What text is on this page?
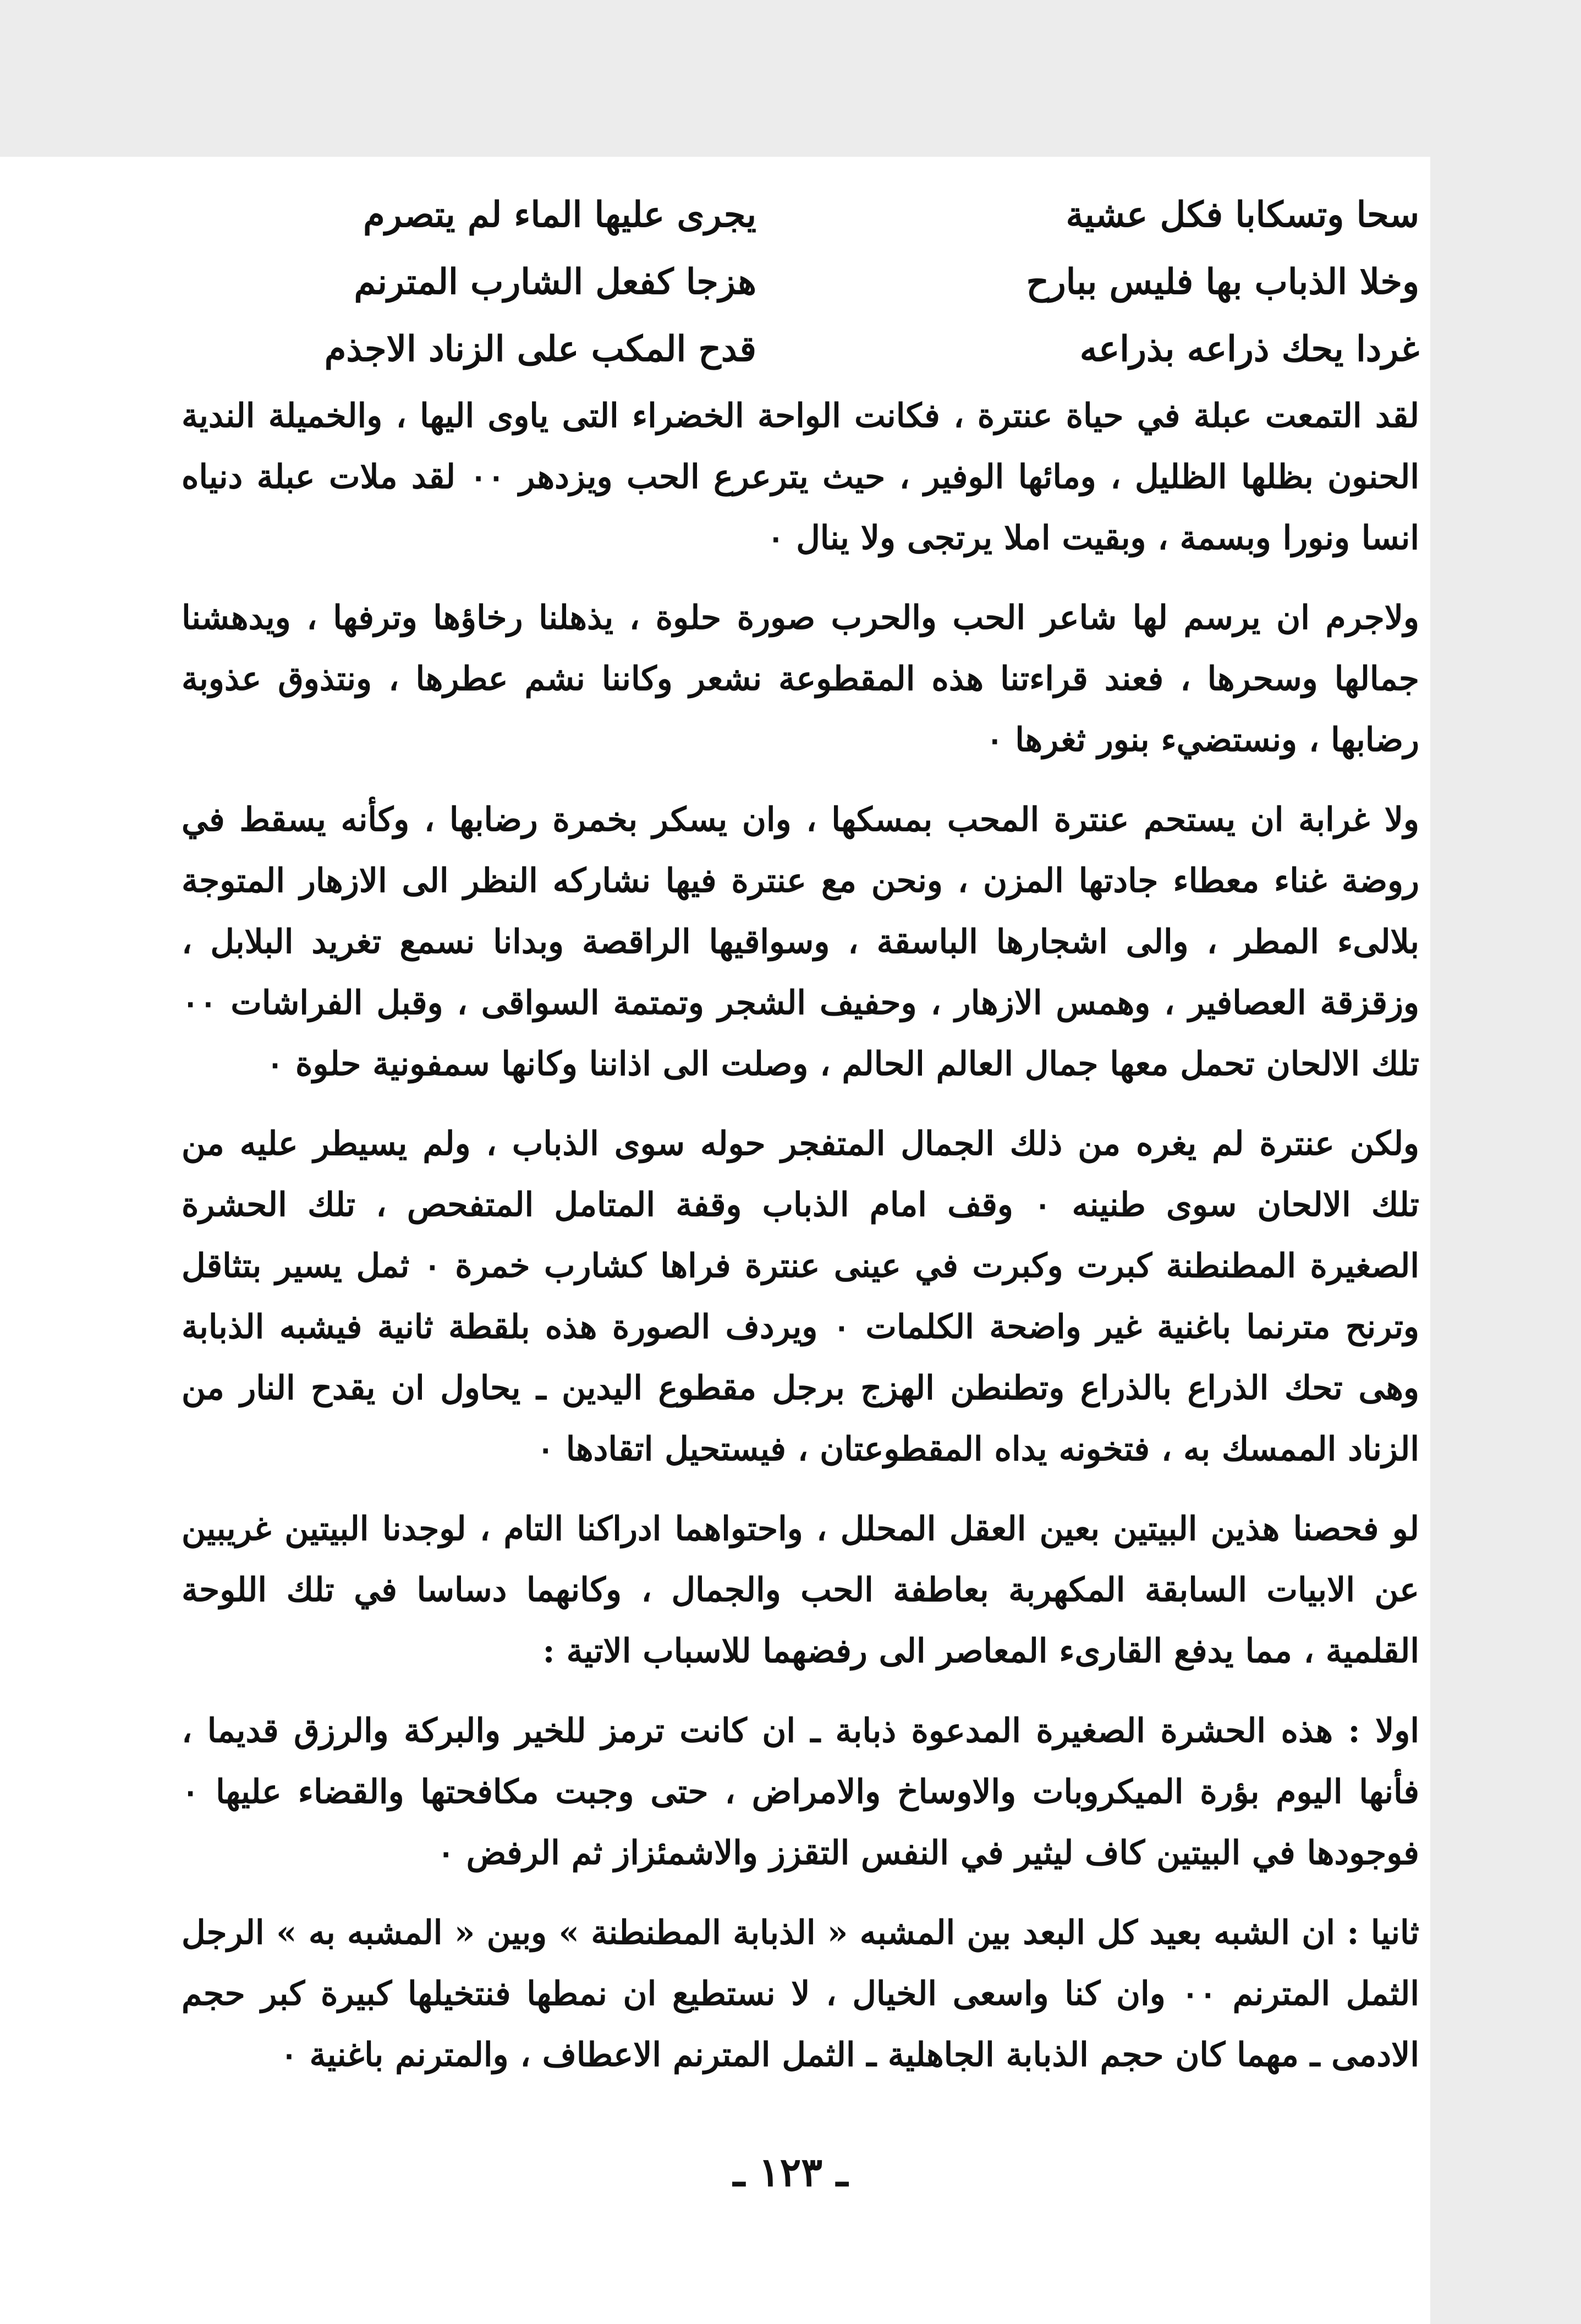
سحا وتسكابا فكل عشية
يجرى عليها الماء لم يتصرم
وخلا الذباب بها فليس ببارح
هزجا كفعل الشارب المترنم
غردا يحك ذراعه بذراعه
قدح المكب على الزناد الاجذم

لقد التمعت عبلة في حياة عنترة ، فكانت الواحة الخضراء التى ياوى اليها ، والخميلة الندية الحنون بظلها الظليل ، ومائها الوفير ، حيث يترعرع الحب ويزدهر ٠٠ لقد ملات عبلة دنياه انسا ونورا وبسمة ، وبقيت املا يرتجى ولا ينال ٠

ولاجرم ان يرسم لها شاعر الحب والحرب صورة حلوة ، يذهلنا رخاؤها وترفها ، ويدهشنا جمالها وسحرها ، فعند قراءتنا هذه المقطوعة نشعر وكاننا نشم عطرها ، ونتذوق عذوبة رضابها ، ونستضيء بنور ثغرها ٠

ولا غرابة ان يستحم عنترة المحب بمسكها ، وان يسكر بخمرة رضابها ، وكأنه يسقط في روضة غناء معطاء جادتها المزن ، ونحن مع عنترة فيها نشاركه النظر الى الازهار المتوجة بلالىء المطر ، والى اشجارها الباسقة ، وسواقيها الراقصة وبدانا نسمع تغريد البلابل ، وزقزقة العصافير ، وهمس الازهار ، وحفيف الشجر وتمتمة السواقى ، وقبل الفراشات ٠٠ تلك الالحان تحمل معها جمال العالم الحالم ، وصلت الى اذاننا وكانها سمفونية حلوة ٠

ولكن عنترة لم يغره من ذلك الجمال المتفجر حوله سوى الذباب ، ولم يسيطر عليه من تلك الالحان سوى طنينه ٠ وقف امام الذباب وقفة المتامل المتفحص ، تلك الحشرة الصغيرة المطنطنة كبرت وكبرت في عينى عنترة فراها كشارب خمرة ٠ ثمل يسير بتثاقل وترنح مترنما باغنية غير واضحة الكلمات ٠ ويردف الصورة هذه بلقطة ثانية فيشبه الذبابة وهى تحك الذراع بالذراع وتطنطن الهزج برجل مقطوع اليدين ـ يحاول ان يقدح النار من الزناد الممسك به ، فتخونه يداه المقطوعتان ، فيستحيل اتقادها ٠

لو فحصنا هذين البيتين بعين العقل المحلل ، واحتواهما ادراكنا التام ، لوجدنا البيتين غريبين عن الابيات السابقة المكهربة بعاطفة الحب والجمال ، وكانهما دساسا في تلك اللوحة القلمية ، مما يدفع القارىء المعاصر الى رفضهما للاسباب الاتية :

اولا : هذه الحشرة الصغيرة المدعوة ذبابة ـ ان كانت ترمز للخير والبركة والرزق قديما ، فأنها اليوم بؤرة الميكروبات والاوساخ والامراض ، حتى وجبت مكافحتها والقضاء عليها ٠ فوجودها في البيتين كاف ليثير في النفس التقزز والاشمئزاز ثم الرفض ٠

ثانيا : ان الشبه بعيد كل البعد بين المشبه « الذبابة المطنطنة » وبين « المشبه به » الرجل الثمل المترنم ٠٠ وان كنا واسعى الخيال ، لا نستطيع ان نمطها فنتخيلها كبيرة كبر حجم الادمى ـ مهما كان حجم الذبابة الجاهلية ـ الثمل المترنم الاعطاف ، والمترنم باغنية ٠

ـ ١٢٣ ـ
